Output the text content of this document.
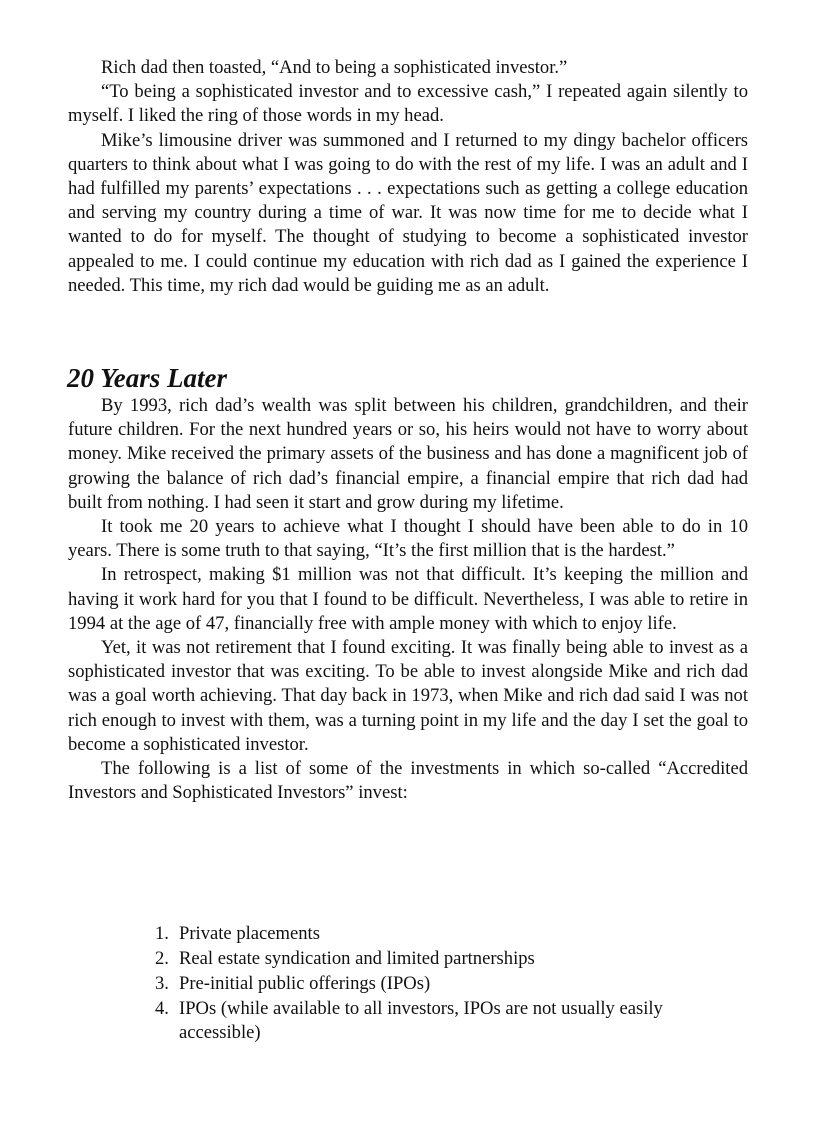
Rich dad then toasted, “And to being a sophisticated investor.”

“To being a sophisticated investor and to excessive cash,” I repeated again silently to myself. I liked the ring of those words in my head.

Mike’s limousine driver was summoned and I returned to my dingy bachelor officers quarters to think about what I was going to do with the rest of my life. I was an adult and I had fulfilled my parents’ expectations . . . expectations such as getting a college education and serving my country during a time of war. It was now time for me to decide what I wanted to do for myself. The thought of studying to become a sophisticated investor appealed to me. I could continue my education with rich dad as I gained the experience I needed. This time, my rich dad would be guiding me as an adult.

20 Years Later

By 1993, rich dad’s wealth was split between his children, grandchildren, and their future children. For the next hundred years or so, his heirs would not have to worry about money. Mike received the primary assets of the business and has done a magnificent job of growing the balance of rich dad’s financial empire, a financial empire that rich dad had built from nothing. I had seen it start and grow during my lifetime.

It took me 20 years to achieve what I thought I should have been able to do in 10 years. There is some truth to that saying, “It’s the first million that is the hardest.”

In retrospect, making $1 million was not that difficult. It’s keeping the million and having it work hard for you that I found to be difficult. Nevertheless, I was able to retire in 1994 at the age of 47, financially free with ample money with which to enjoy life.

Yet, it was not retirement that I found exciting. It was finally being able to invest as a sophisticated investor that was exciting. To be able to invest alongside Mike and rich dad was a goal worth achieving. That day back in 1973, when Mike and rich dad said I was not rich enough to invest with them, was a turning point in my life and the day I set the goal to become a sophisticated investor.

The following is a list of some of the investments in which so-called “Accredited Investors and Sophisticated Investors” invest:

1. Private placements
2. Real estate syndication and limited partnerships
3. Pre-initial public offerings (IPOs)
4. IPOs (while available to all investors, IPOs are not usually easily accessible)
